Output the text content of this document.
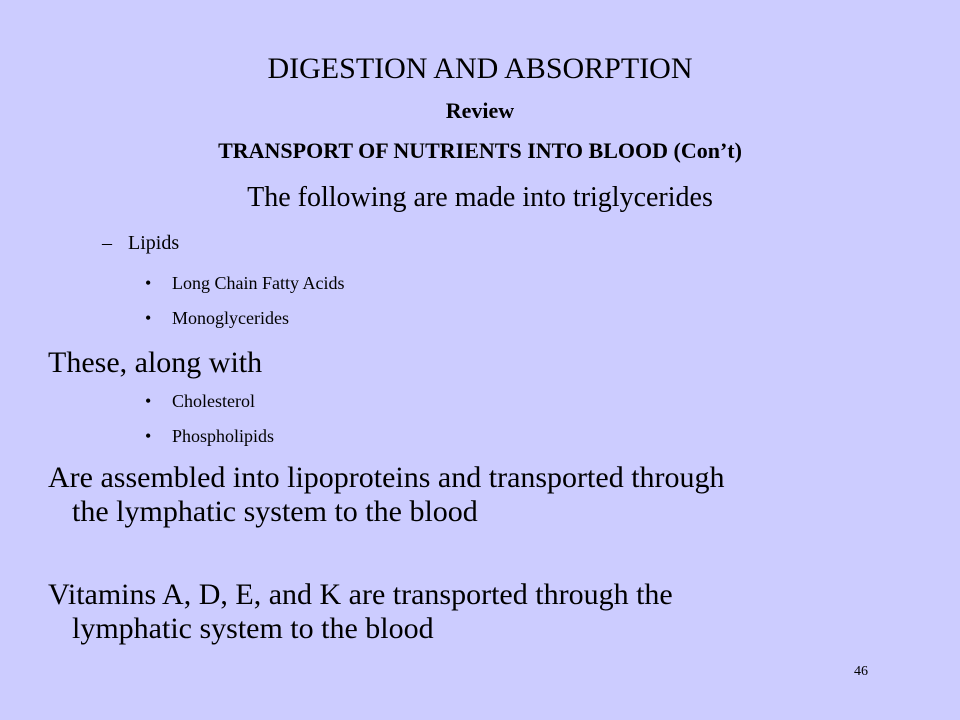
DIGESTION AND ABSORPTION
Review
TRANSPORT OF NUTRIENTS INTO BLOOD (Con’t)
The following are made into triglycerides
– Lipids
• Long Chain Fatty Acids
• Monoglycerides
These, along with
• Cholesterol
• Phospholipids
Are assembled into lipoproteins and transported through
the lymphatic system to the blood
Vitamins A, D, E, and K are transported through the
lymphatic system to the blood
46
